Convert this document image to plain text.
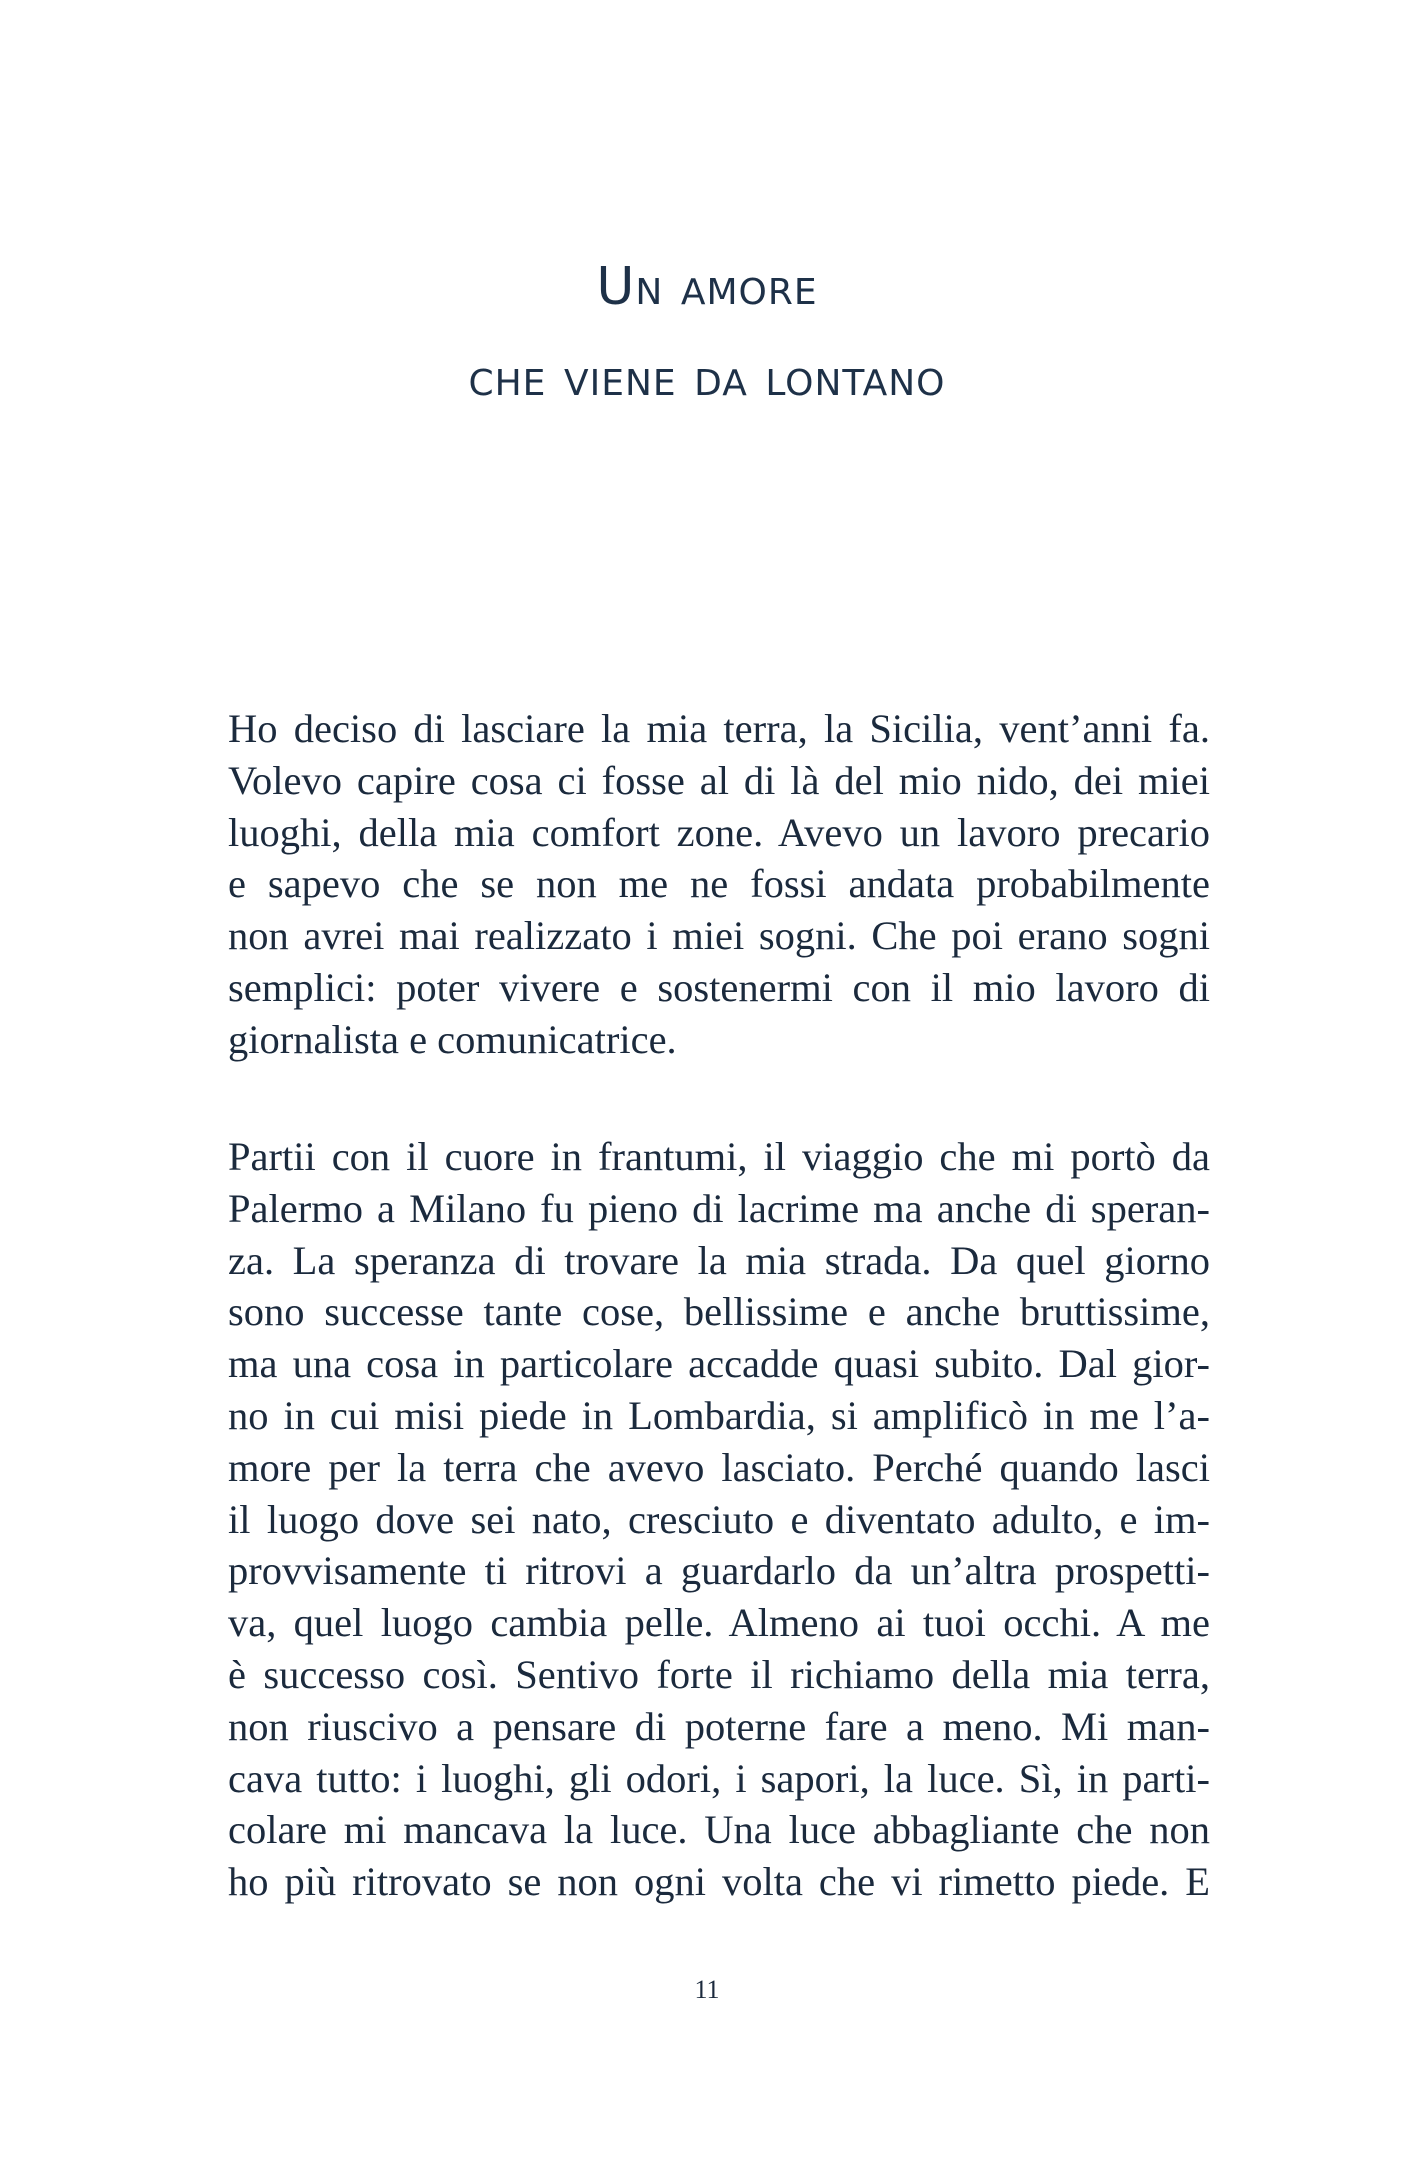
Un amore
che viene da lontano
Ho deciso di lasciare la mia terra, la Sicilia, vent’anni fa.
Volevo capire cosa ci fosse al di là del mio nido, dei miei
luoghi, della mia comfort zone. Avevo un lavoro precario
e sapevo che se non me ne fossi andata probabilmente
non avrei mai realizzato i miei sogni. Che poi erano sogni
semplici: poter vivere e sostenermi con il mio lavoro di
giornalista e comunicatrice.
Partii con il cuore in frantumi, il viaggio che mi portò da
Palermo a Milano fu pieno di lacrime ma anche di speran-
za. La speranza di trovare la mia strada. Da quel giorno
sono successe tante cose, bellissime e anche bruttissime,
ma una cosa in particolare accadde quasi subito. Dal gior-
no in cui misi piede in Lombardia, si amplificò in me l’a-
more per la terra che avevo lasciato. Perché quando lasci
il luogo dove sei nato, cresciuto e diventato adulto, e im-
provvisamente ti ritrovi a guardarlo da un’altra prospetti-
va, quel luogo cambia pelle. Almeno ai tuoi occhi. A me
è successo così. Sentivo forte il richiamo della mia terra,
non riuscivo a pensare di poterne fare a meno. Mi man-
cava tutto: i luoghi, gli odori, i sapori, la luce. Sì, in parti-
colare mi mancava la luce. Una luce abbagliante che non
ho più ritrovato se non ogni volta che vi rimetto piede. E
11
